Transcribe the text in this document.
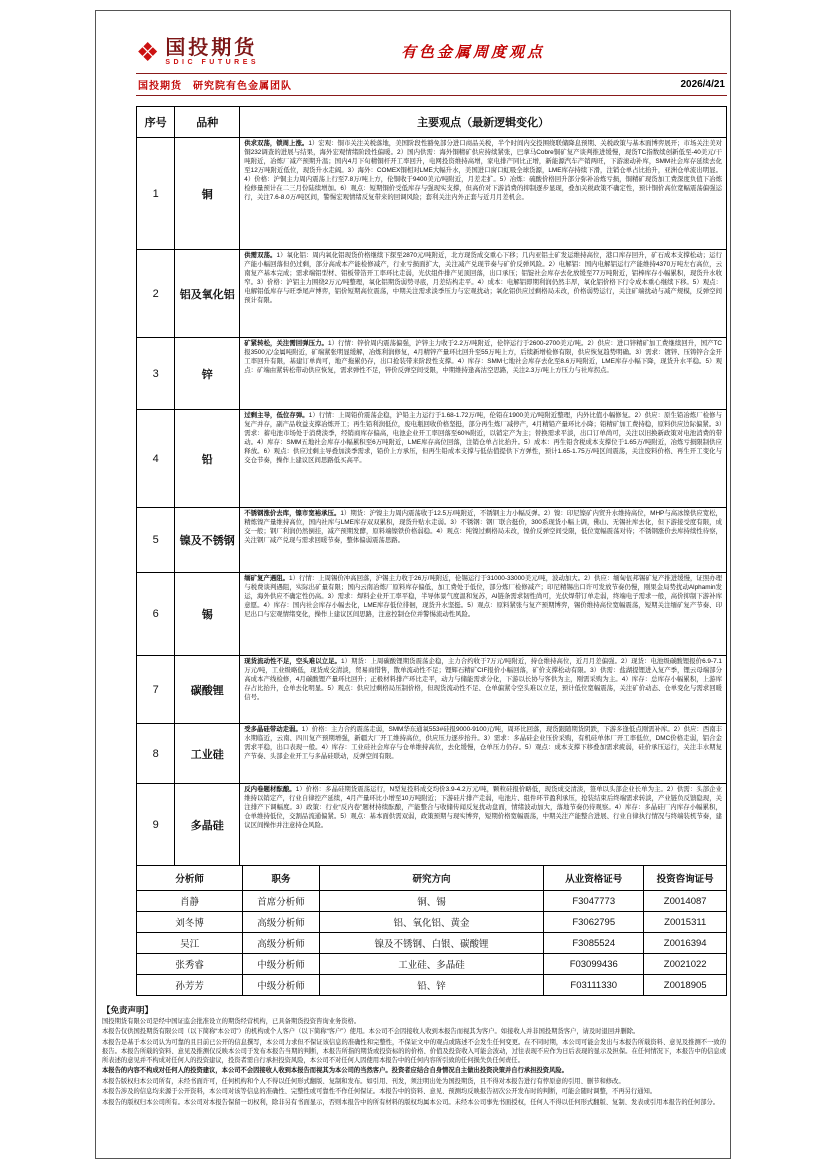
❖ 国投期货
SDIC FUTURES
有色金属周度观点
国投期货　研究院有色金属团队	2026/4/21
序号	品种	主要观点（最新逻辑变化）
1	铜	供求双荡，锁周上涨。1）宏观：铜市关注关税落地，美国阶段性豁免部分进口商品关税，半个时间内交投围绕联储降息预期、关税政策与基本面博弈展开；市场关注美对铜232调查的进展与结果，海外宏观情绪阶段性偏暖。2）国内供需：海外铜精矿供应持续紧张，巴拿马Cobre铜矿复产谈判推进缓慢，现货TC指数续创新低至-40美元/干吨附近，冶炼厂减产预期升温；国内4月下旬精铜杆开工率回升，电网投资维持高增，家电排产同比正增，新能源汽车产销两旺，下游滚动补库，SMM社会库存延续去化至12万吨附近低位，现货升水走阔。3）海外：COMEX铜相对LME大幅升水，美国进口窗口虹吸全球货源，LME库存持续下滑，注销仓单占比抬升，亚洲仓单流出明显。4）价格：沪铜主力周内震荡上行至7.8万/吨上方，伦铜收于9400美元/吨附近，月差走扩。5）冶炼：硫酸价格回升部分弥补冶炼亏损，铜精矿现货加工费深度负值下冶炼检修量预计在二三月份陆续增加。6）观点：短期铜价受低库存与强现实支撑，但高价对下游消费的抑制逐步显现，叠加关税政策不确定性，预计铜价高位宽幅震荡偏强运行，关注7.6-8.0万/吨区间，警惕宏观情绪反复带来的回调风险；套利关注内外正套与近月月差机会。
2	铝及氧化铝	供需双荡。1）氧化铝：周内氧化铝现货价格继续下探至2870元/吨附近，北方现货成交重心下移；几内亚铝土矿发运维持高位，港口库存回升，矿石成本支撑松动；运行产能小幅回落但仍过剩，部分高成本产能检修减产，行业亏损面扩大，关注减产兑现节奏与矿价反弹风险。2）电解铝：国内电解铝运行产能维持4370万吨左右高位，云南复产基本完成；需求端铝型材、铝板带箔开工率环比走弱，光伏组件排产见顶回落，出口承压；铝锭社会库存去化放缓至77万吨附近，铝棒库存小幅累积，现货升水收窄。3）价格：沪铝主力围绕2万元/吨整理，氧化铝期货弱势寻底，月差结构走平。4）成本：电解铝即期利润仍然丰厚，氧化铝价格下行令成本重心继续下移。5）观点：电解铝低库存与旺季尾声博弈，铝价短期高位震荡，中期关注需求淡季压力与宏观扰动；氧化铝供应过剩格局未改，价格弱势运行，关注矿端扰动与减产规模，反弹空间预计有限。
3	锌	矿紧转松，关注需回弹压力。1）行情：锌价周内震荡偏强，沪锌主力收于2.2万/吨附近，伦锌运行于2600-2700美元/吨。2）供应：进口锌精矿加工费继续回升，国产TC报3500元/金属吨附近，矿端紧张明显缓解，冶炼利润修复，4月精锌产量环比回升至55万吨上方，后续新增检修有限，供应恢复趋势明确。3）需求：镀锌、压铸锌合金开工率回升有限，基建订单尚可，地产拖累仍存，出口抢装带来阶段性支撑。4）库存：SMM七地社会库存去化至8.6万吨附近，LME库存小幅下降，现货升水平稳。5）观点：矿端由紧转松带动供应恢复，需求弹性不足，锌价反弹空间受限，中期维持逢高沽空思路，关注2.3万/吨上方压力与社库拐点。
4	铅	过剩主导，低位存弹。1）行情：上周铅价震荡企稳，沪铅主力运行于1.68-1.72万/吨，伦铅在1900美元/吨附近整理，内外比值小幅修复。2）供应：原生铅冶炼厂检修与复产并存，副产品收益支撑冶炼开工；再生铅利润低位，废电瓶回收价格坚挺，部分再生炼厂减停产，4月精铅产量环比小降；铅精矿加工费持稳，原料供应边际偏紧。3）需求：蓄电池市场处于消费淡季，经销商库存偏高，电池企业开工率回落至60%附近，以销定产为主；替换需求平淡，出口订单尚可，关注以旧换新政策对电池消费的带动。4）库存：SMM五地社会库存小幅累积至6万吨附近，LME库存高位回落，注销仓单占比抬升。5）成本：再生铅含税成本支撑位于1.65万/吨附近，冶炼亏损限制供应释放。6）观点：供应过剩主导叠加淡季需求，铅价上方承压，但再生铅成本支撑与低估值提供下方弹性，预计1.65-1.75万/吨区间震荡，关注废料价格、再生开工变化与交仓节奏，操作上建议区间思路低买高平。
5	镍及不锈钢	不锈钢涨价去库，镍市宽裕承压。1）期货：沪镍主力周内震荡收于12.5万/吨附近，不锈钢主力小幅反弹。2）镍：印尼镍矿内贸升水维持高位，MHP与高冰镍供应宽松，精炼镍产量维持高位，国内社库与LME库存双双累积，现货升贴水走弱。3）不锈钢：钢厂联合挺价，300系现货小幅上调，佛山、无锡社库去化，但下游接受度有限，成交一般；钢厂利润仍然倒挂，减产预期发酵，原料端镍铁价格弱稳。4）观点：纯镍过剩格局未改，镍价反弹空间受限，低位宽幅震荡对待；不锈钢涨价去库持续性待察，关注钢厂减产兑现与需求回暖节奏，整体偏弱震荡思路。
6	锡	缅矿复产遇阻。1）行情：上周锡价冲高回落，沪锡主力收于26万/吨附近，伦锡运行于31000-33000美元/吨，波动加大。2）供应：缅甸佤邦锡矿复产推进缓慢，证照办理与税费谈判遇阻，实际出矿量有限；国内云南冶炼厂原料库存偏低，加工费处于低位，部分炼厂检修减产；印尼精锡出口许可发放节奏仍慢，刚果金局势扰动Alphamin发运，海外供应不确定性仍高。3）需求：焊料企业开工率平稳，半导体景气度温和复苏，AI链条需求韧性尚可，光伏焊带订单走弱，终端电子需求一般，高价抑制下游补库意愿。4）库存：国内社会库存小幅去化，LME库存低位徘徊，现货升水坚挺。5）观点：原料紧张与复产预期博弈，锡价维持高位宽幅震荡，短期关注缅矿复产节奏、印尼出口与宏观情绪变化，操作上建议区间思路，注意控制仓位并警惕流动性风险。
7	碳酸锂	现货流动性不足，空头难以立足。1）期货：上周碳酸锂期货震荡企稳，主力合约收于7万元/吨附近，持仓维持高位，近月月差偏强。2）现货：电池级碳酸锂报价6.9-7.1万元/吨，工业级略低，现货成交清淡，贸易商惜售，散单流动性不足；锂辉石精矿CIF报价小幅回落，矿价支撑松动有限。3）供需：盐湖提锂进入复产季，锂云母端部分高成本产线检修，4月碳酸锂产量环比回升；正极材料排产环比走平，动力与储能需求分化，下游以长协与客供为主，刚需采购为主。4）库存：总库存小幅累积，上游库存占比抬升，仓单去化明显。5）观点：供应过剩格局压制价格，但现货流动性不足、仓单偏紧令空头难以立足，预计低位宽幅震荡，关注矿价动态、仓单变化与需求回暖信号。
8	工业硅	受多晶硅带动走弱。1）价格：主力合约震荡走弱，SMM华东通氧553#硅报9000-9100元/吨，周环比回落，现货跟随期货阴跌，下游多逢低点刚需补库。2）供应：西南丰水期临近，云南、四川复产预期增强，新疆大厂开工维持高位，供应压力逐步抬升。3）需求：多晶硅企业压价采购，有机硅单体厂开工率低位，DMC价格走弱，铝合金需求平稳，出口表现一般。4）库存：工业硅社会库存与仓单维持高位，去化缓慢，仓单压力仍存。5）观点：成本支撑下移叠加需求疲弱，硅价承压运行，关注丰水期复产节奏、头部企业开工与多晶硅联动，反弹空间有限。
9	多晶硅	反内卷题材酝酿。1）价格：多晶硅期货震荡运行，N型复投料成交均价3.9-4.2万元/吨，颗粒硅报价略低，现货成交清淡，签单以头部企业长单为主。2）供需：头部企业维持以销定产，行业自律控产延续，4月产量环比小增至10万吨附近；下游硅片排产走弱，电池片、组件环节盈利承压，抢装结束后终端需求转淡，产业链负反馈隐现，关注排产下调幅度。3）政策：行业“反内卷”题材持续酝酿，产能整合与收储传闻反复扰动盘面，情绪波动加大，落地节奏仍待观察。4）库存：多晶硅厂内库存小幅累积，仓单维持低位，交割品流通偏紧。5）观点：基本面供需双弱，政策预期与现实博弈，短期价格宽幅震荡，中期关注产能整合进展、行业自律执行情况与终端装机节奏，建议区间操作并注意持仓风险。
分析师	职务	研究方向	从业资格证号	投资咨询证号
肖静	首席分析师	铜、锡	F3047773	Z0014087
刘冬博	高级分析师	铝、氧化铝、黄金	F3062795	Z0015311
吴江	高级分析师	镍及不锈钢、白银、碳酸锂	F3085524	Z0016394
张秀睿	中级分析师	工业硅、多晶硅	F03099436	Z0021022
孙芳芳	中级分析师	铅、锌	F03111330	Z0018905
【免责声明】

国投期货有限公司是经中国证监会批准设立的期货经营机构，已具备期货投资咨询业务资格。

本报告仅供国投期货有限公司（以下简称“本公司”）的机构或个人客户（以下简称“客户”）使用。本公司不会因接收人收到本报告而视其为客户。如接收人并非国投期货客户，请及时退回并删除。

本报告是基于本公司认为可靠的且目前已公开的信息撰写，本公司力求但不保证该信息的准确性和完整性，不保证文中的观点或陈述不会发生任何变更。在不同时期，本公司可能会发出与本报告所载资料、意见及推测不一致的报告。本报告所载的资料、意见及推测仅反映本公司于发布本报告当期的判断，本报告所指的期货或投资标的的价格、价值及投资收入可能会波动，过往表现不应作为日后表现的显示及担保。在任何情况下，本报告中的信息或所表述的意见并不构成对任何人的投资建议，投资者需自行承担投资风险，本公司不对任何人因使用本报告中的任何内容所引致的任何损失负任何责任。

本报告的内容不构成对任何人的投资建议，本公司不会因接收人收到本报告而视其为本公司的当然客户。投资者应结合自身情况自主做出投资决策并自行承担投资风险。

本报告版权归本公司所有，未经书面许可，任何机构和个人不得以任何形式翻版、复制和发布。如引用、刊发，须注明出处为国投期货，且不得对本报告进行有悖原意的引用、删节和修改。

本报告涉及的信息均来源于公开资料，本公司对该等信息的准确性、完整性或可靠性不作任何保证。本报告中的资料、意见、预测均反映报告初次公开发布时的判断，可能会随时调整，不再另行通知。

本报告的版权归本公司所有。本公司对本报告保留一切权利，除非另有书面显示，否则本报告中的所有材料的版权均属本公司。未经本公司事先书面授权，任何人不得以任何形式翻版、复制、发表或引用本报告的任何部分。
